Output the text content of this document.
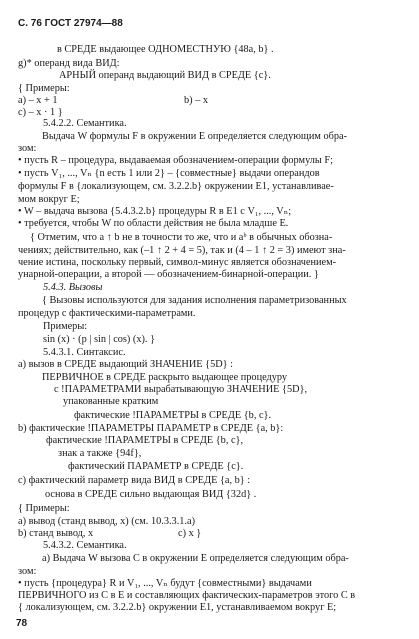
С. 76 ГОСТ 27974—88
в СРЕДЕ выдающее ОДНОМЕСТНУЮ {48a, b} .
g)* операнд вида ВИД:
АРНЫЙ операнд выдающий ВИД в СРЕДЕ {c}.
{ Примеры:
a) – x + 1	b) – x
c) – x · 1 }
5.4.2.2. Семантика.
Выдача W формулы F в окружении E определяется следующим обра-
зом:
• пусть R – процедура, выдаваемая обозначением-операции формулы F;
• пусть V₁, ..., Vₙ {n есть 1 или 2} – {совместные} выдачи операндов
формулы F в {локализующем, см. 3.2.2.b} окружении E1, устанавливае-
мом вокруг E;
• W – выдача вызова {5.4.3.2.b} процедуры R в E1 с V₁, ..., Vₙ;
• требуется, чтобы W по области действия не была младше E.
{ Отметим, что a ↑ b не в точности то же, что и aᵇ в обычных обозна-
чениях; действительно, как (–1 ↑ 2 + 4 = 5), так и (4 – 1 ↑ 2 = 3) имеют зна-
чение истина, поскольку первый, символ-минус является обозначением-
унарной-операции, а второй — обозначением-бинарной-операции. }
5.4.3. Вызовы
{ Вызовы используются для задания исполнения параметризованных
процедур с фактическими-параметрами.
Примеры:
sin (x) · (p | sin | cos) (x). }
5.4.3.1. Синтаксис.
a) вызов в СРЕДЕ выдающий ЗНАЧЕНИЕ {5D} :
ПЕРВИЧНОЕ в СРЕДЕ раскрыто выдающее процедуру
с !ПАРАМЕТРАМИ вырабатывающую ЗНАЧЕНИЕ {5D},
упакованные кратким
фактические !ПАРАМЕТРЫ в СРЕДЕ {b, c}.
b) фактические !ПАРАМЕТРЫ ПАРАМЕТР в СРЕДЕ {a, b}:
фактические !ПАРАМЕТРЫ в СРЕДЕ {b, c},
знак а также {94f},
фактический ПАРАМЕТР в СРЕДЕ {c}.
c) фактический параметр вида ВИД в СРЕДЕ {a, b} :
основа в СРЕДЕ сильно выдающая ВИД {32d} .
{ Примеры:
a) вывод (станд вывод, x) (см. 10.3.3.1.a)
b) станд вывод, x	c) x }
5.4.3.2. Семантика.
a) Выдача W вызова C в окружении E определяется следующим обра-
зом:
• пусть {процедура} R и V₁, ..., Vₙ будут {совместными} выдачами
ПЕРВИЧНОГО из C в E и составляющих фактических-параметров этого C в
{ локализующем, см. 3.2.2.b} окружении E1, устанавливаемом вокруг E;
78
